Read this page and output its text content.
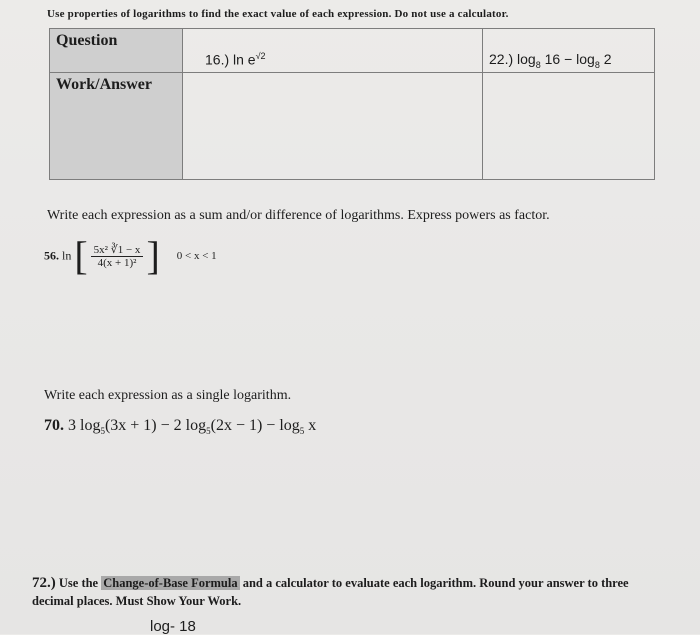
Use properties of logarithms to find the exact value of each expression. Do not use a calculator.
Question	16.) $\ln e^{√2}$	22.) $\log_8 16 - \log_8 2$
Work/Answer		
Write each expression as a sum and/or difference of logarithms. Express powers as factor.
56. ln [ $\frac{\text{5x² ∛1 − x}}{\text{4(x + 1)²}}$ ] 0 < x < 1
Write each expression as a single logarithm.
70. 3 $\log_5(3x + 1) - 2$ $\log_5(2x - 1) - \log_5 x$
72.) Use the Change-of-Base Formula and a calculator to evaluate each logarithm. Round your answer to three decimal places. Must Show Your Work.
log- 18
